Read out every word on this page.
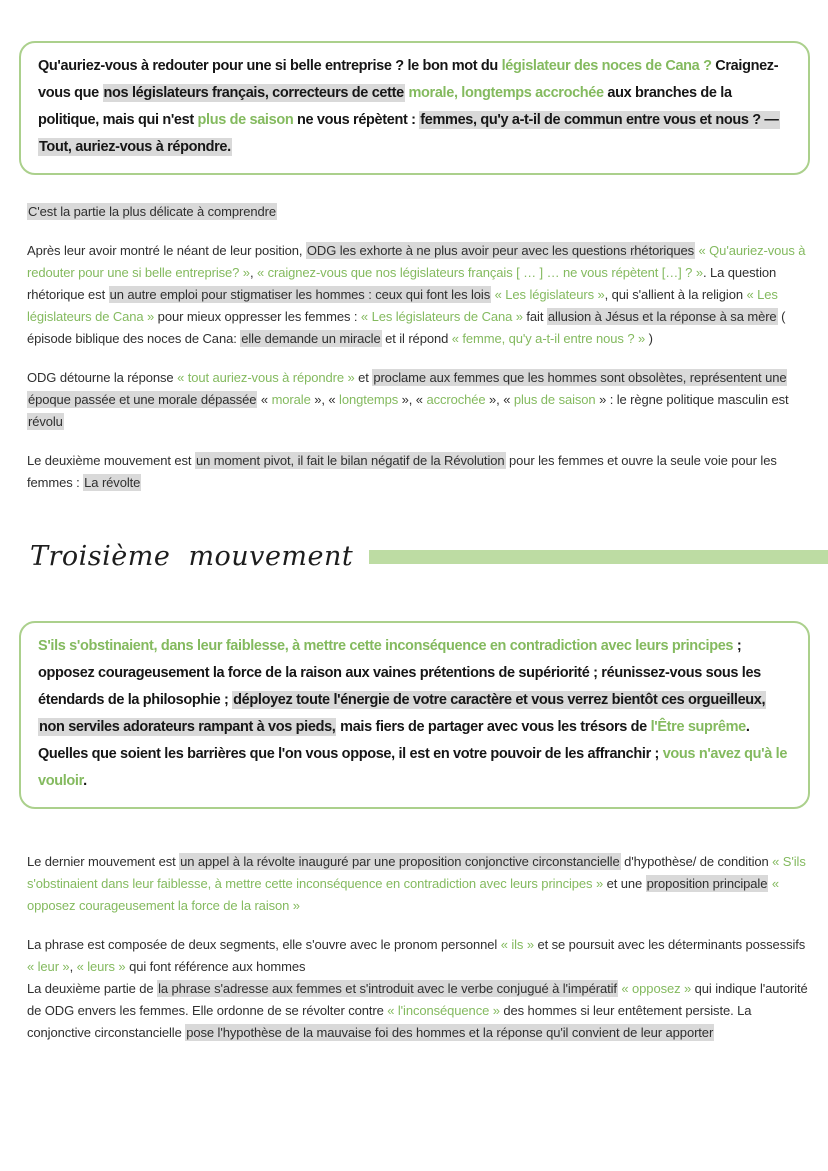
Qu'auriez-vous à redouter pour une si belle entreprise ? le bon mot du législateur des noces de Cana ? Craignez-vous que nos législateurs français, correcteurs de cette morale, longtemps accrochée aux branches de la politique, mais qui n'est plus de saison ne vous répètent : femmes, qu'y a-t-il de commun entre vous et nous ? — Tout, auriez-vous à répondre.

C'est la partie la plus délicate à comprendre

Après leur avoir montré le néant de leur position, ODG les exhorte à ne plus avoir peur avec les questions rhétoriques « Qu'auriez-vous à redouter pour une si belle entreprise? », « craignez-vous que nos législateurs français [ … ] … ne vous répètent […] ? ». La question rhétorique est un autre emploi pour stigmatiser les hommes : ceux qui font les lois « Les législateurs », qui s'allient à la religion « Les législateurs de Cana » pour mieux oppresser les femmes : « Les législateurs de Cana » fait allusion à Jésus et la réponse à sa mère ( épisode biblique des noces de Cana: elle demande un miracle et il répond « femme, qu'y a-t-il entre nous ? » )

ODG détourne la réponse « tout auriez-vous à répondre » et proclame aux femmes que les hommes sont obsolètes, représentent une époque passée et une morale dépassée « morale », « longtemps », « accrochée », « plus de saison » : le règne politique masculin est révolu

Le deuxième mouvement est un moment pivot, il fait le bilan négatif de la Révolution pour les femmes et ouvre la seule voie pour les femmes : La révolte

Troisième mouvement

S'ils s'obstinaient, dans leur faiblesse, à mettre cette inconséquence en contradiction avec leurs principes ; opposez courageusement la force de la raison aux vaines prétentions de supériorité ; réunissez-vous sous les étendards de la philosophie ; déployez toute l'énergie de votre caractère et vous verrez bientôt ces orgueilleux, non serviles adorateurs rampant à vos pieds, mais fiers de partager avec vous les trésors de l'Être suprême. Quelles que soient les barrières que l'on vous oppose, il est en votre pouvoir de les affranchir ; vous n'avez qu'à le vouloir.

Le dernier mouvement est un appel à la révolte inauguré par une proposition conjonctive circonstancielle d'hypothèse/ de condition « S'ils s'obstinaient dans leur faiblesse, à mettre cette inconséquence en contradiction avec leurs principes » et une proposition principale « opposez courageusement la force de la raison »

La phrase est composée de deux segments, elle s'ouvre avec le pronom personnel « ils » et se poursuit avec les déterminants possessifs « leur », « leurs » qui font référence aux hommes

La deuxième partie de la phrase s'adresse aux femmes et s'introduit avec le verbe conjugué à l'impératif « opposez » qui indique l'autorité de ODG envers les femmes. Elle ordonne de se révolter contre « l'inconséquence » des hommes si leur entêtement persiste. La conjonctive circonstancielle pose l'hypothèse de la mauvaise foi des hommes et la réponse qu'il convient de leur apporter
